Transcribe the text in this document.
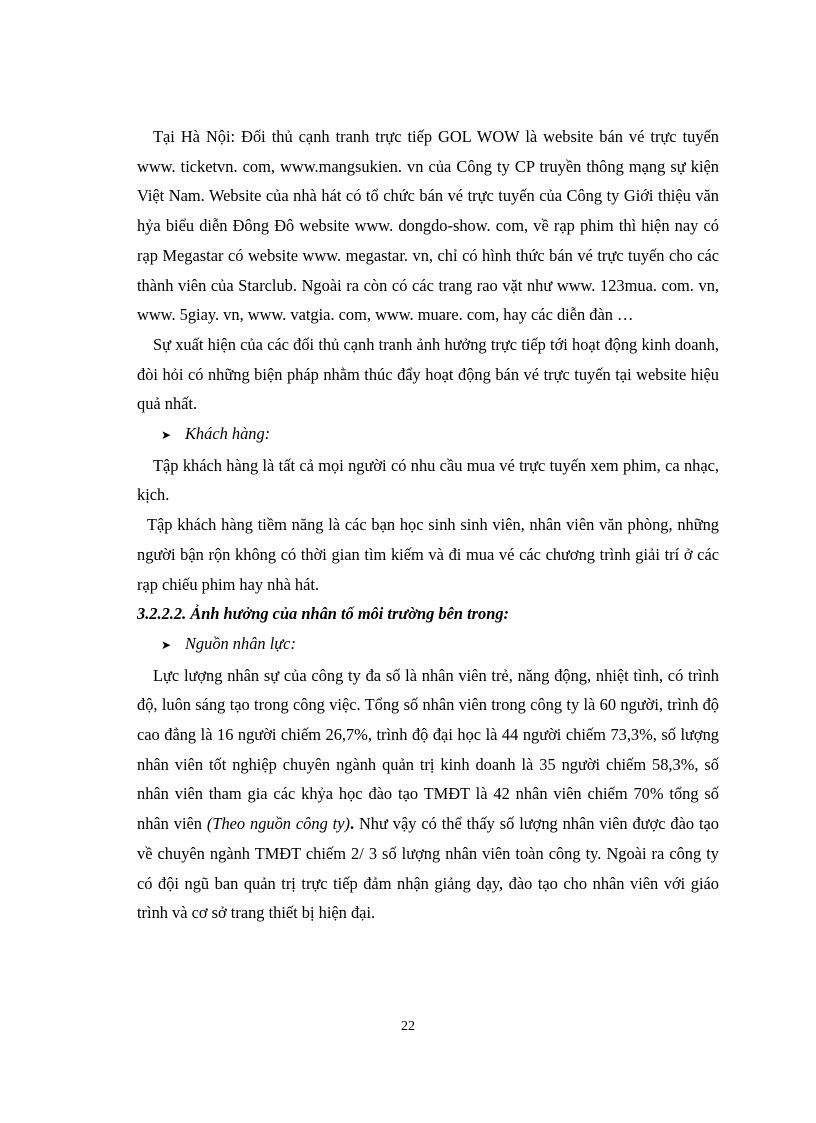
Tại Hà Nội: Đối thủ cạnh tranh trực tiếp GOL WOW là website bán vé trực tuyến www. ticketvn. com, www.mangsukien. vn của Công ty CP truyền thông mạng sự kiện Việt Nam. Website của nhà hát có tổ chức bán vé trực tuyến của Công ty Giới thiệu văn hỷa biểu diễn Đông Đô website www. dongdo-show. com, về rạp phim thì hiện nay có rạp Megastar có website www. megastar. vn, chỉ có hình thức bán vé trực tuyến cho các thành viên của Starclub. Ngoài ra còn có các trang rao vặt như www. 123mua. com. vn, www. 5giay. vn, www. vatgia. com, www. muare. com, hay các diễn đàn …

Sự xuất hiện của các đối thủ cạnh tranh ảnh hưởng trực tiếp tới hoạt động kinh doanh, đòi hỏi có những biện pháp nhằm thúc đẩy hoạt động bán vé trực tuyến tại website hiệu quả nhất.

➤ Khách hàng:

Tập khách hàng là tất cả mọi người có nhu cầu mua vé trực tuyến xem phim, ca nhạc, kịch.

Tập khách hàng tiềm năng là các bạn học sinh sinh viên, nhân viên văn phòng, những người bận rộn không có thời gian tìm kiếm và đi mua vé các chương trình giải trí ở các rạp chiếu phim hay nhà hát.

3.2.2.2. Ảnh hưởng của nhân tố môi trường bên trong:

➤ Nguồn nhân lực:

Lực lượng nhân sự của công ty đa số là nhân viên trẻ, năng động, nhiệt tình, có trình độ, luôn sáng tạo trong công việc. Tổng số nhân viên trong công ty là 60 người, trình độ cao đẳng là 16 người chiếm 26,7%, trình độ đại học là 44 người chiếm 73,3%, số lượng nhân viên tốt nghiệp chuyên ngành quản trị kinh doanh là 35 người chiếm 58,3%, số nhân viên tham gia các khỷa học đào tạo TMĐT là 42 nhân viên chiếm 70% tổng số nhân viên (Theo nguồn công ty). Như vậy có thể thấy số lượng nhân viên được đào tạo về chuyên ngành TMĐT chiếm 2/ 3 số lượng nhân viên toàn công ty. Ngoài ra công ty có đội ngũ ban quản trị trực tiếp đảm nhận giảng dạy, đào tạo cho nhân viên với giáo trình và cơ sở trang thiết bị hiện đại.

22
